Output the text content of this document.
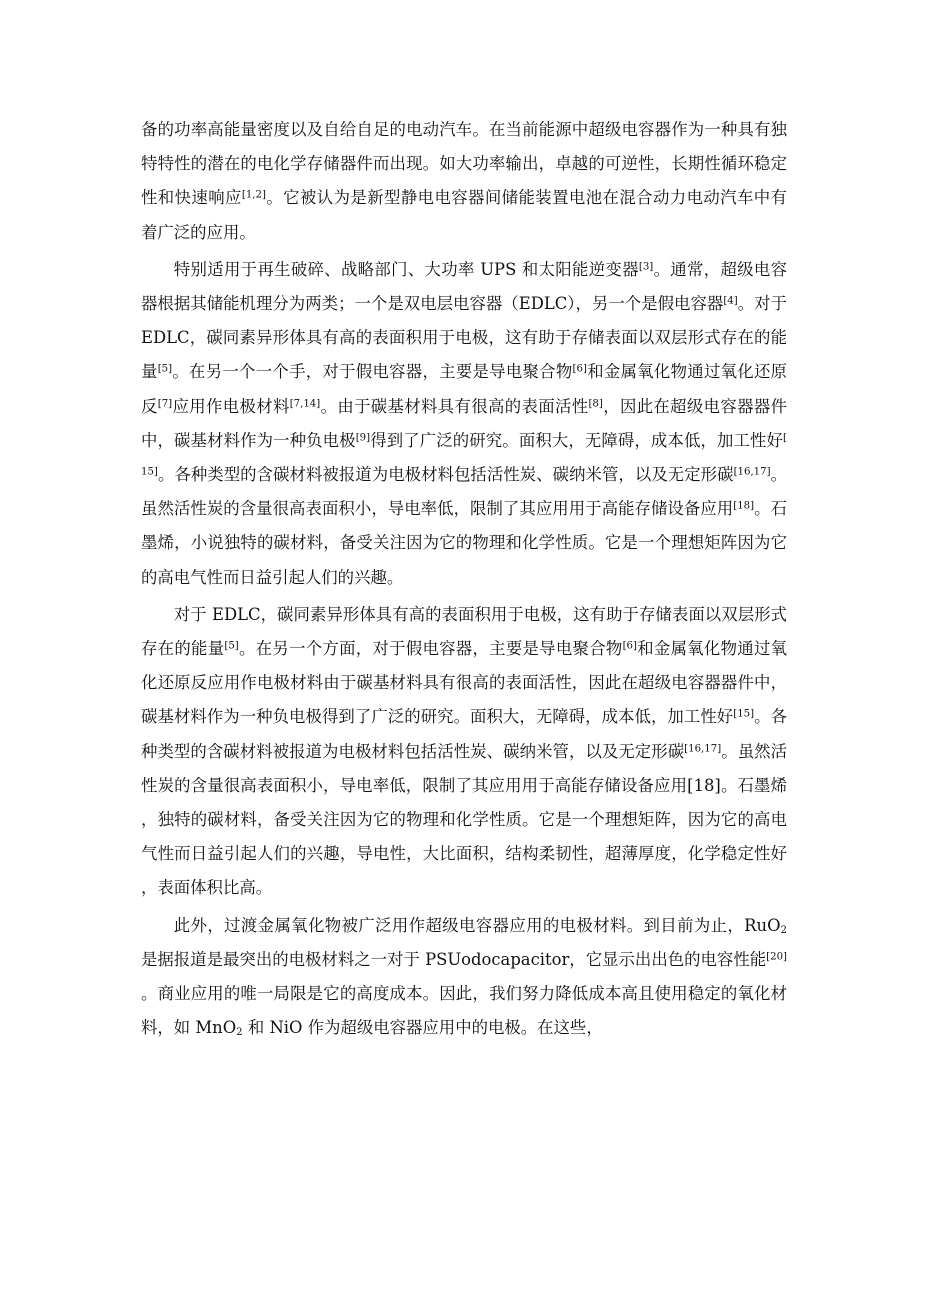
备的功率高能量密度以及自给自足的电动汽车。在当前能源中超级电容器作为一种具有独特特性的潜在的电化学存储器件而出现。如大功率输出，卓越的可逆性，长期性循环稳定性和快速响应[1,2]。它被认为是新型静电电容器间储能装置电池在混合动力电动汽车中有着广泛的应用。

特别适用于再生破碎、战略部门、大功率 UPS 和太阳能逆变器[3]。通常，超级电容器根据其储能机理分为两类；一个是双电层电容器（EDLC），另一个是假电容器[4]。对于 EDLC，碳同素异形体具有高的表面积用于电极，这有助于存储表面以双层形式存在的能量[5]。在另一个一个手，对于假电容器，主要是导电聚合物[6]和金属氧化物通过氧化还原反[7]应用作电极材料[7,14]。由于碳基材料具有很高的表面活性[8]，因此在超级电容器器件中，碳基材料作为一种负电极[9]得到了广泛的研究。面积大，无障碍，成本低，加工性好[15]。各种类型的含碳材料被报道为电极材料包括活性炭、碳纳米管，以及无定形碳[16,17]。虽然活性炭的含量很高表面积小，导电率低，限制了其应用用于高能存储设备应用[18]。石墨烯，小说独特的碳材料，备受关注因为它的物理和化学性质。它是一个理想矩阵因为它的高电气性而日益引起人们的兴趣。

对于 EDLC，碳同素异形体具有高的表面积用于电极，这有助于存储表面以双层形式存在的能量[5]。在另一个方面，对于假电容器，主要是导电聚合物[6]和金属氧化物通过氧化还原反应用作电极材料由于碳基材料具有很高的表面活性，因此在超级电容器器件中，碳基材料作为一种负电极得到了广泛的研究。面积大，无障碍，成本低，加工性好[15]。各种类型的含碳材料被报道为电极材料包括活性炭、碳纳米管，以及无定形碳[16,17]。虽然活性炭的含量很高表面积小，导电率低，限制了其应用用于高能存储设备应用[18]。石墨烯，独特的碳材料，备受关注因为它的物理和化学性质。它是一个理想矩阵，因为它的高电气性而日益引起人们的兴趣，导电性，大比面积，结构柔韧性，超薄厚度，化学稳定性好，表面体积比高。

此外，过渡金属氧化物被广泛用作超级电容器应用的电极材料。到目前为止，RuO$_2$是据报道是最突出的电极材料之一对于 PSUodocapacitor，它显示出出色的电容性能[20]。商业应用的唯一局限是它的高度成本。因此，我们努力降低成本高且使用稳定的氧化材料，如 MnO$_2$ 和 NiO 作为超级电容器应用中的电极。在这些，
